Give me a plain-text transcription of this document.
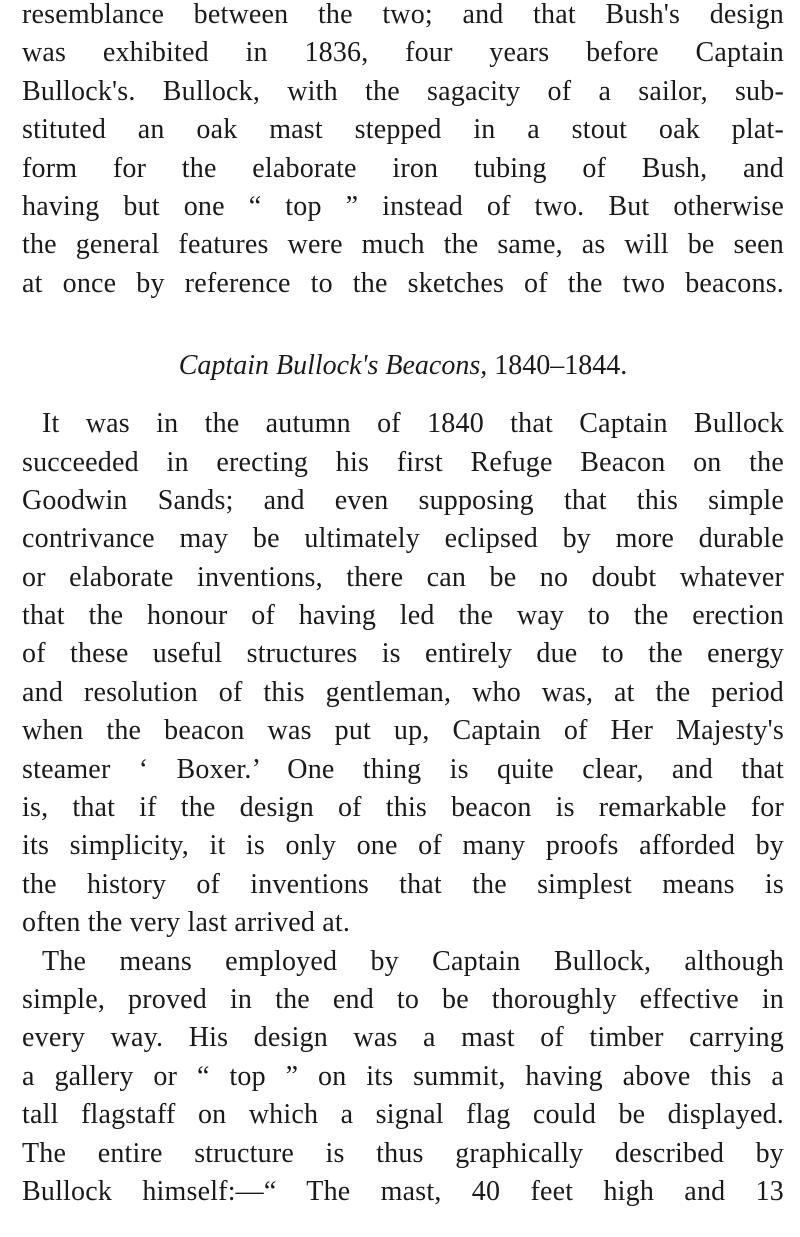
resemblance between the two; and that Bush's design
was exhibited in 1836, four years before Captain
Bullock's. Bullock, with the sagacity of a sailor, sub-
stituted an oak mast stepped in a stout oak plat-
form for the elaborate iron tubing of Bush, and
having but one “ top ” instead of two. But otherwise
the general features were much the same, as will be seen
at once by reference to the sketches of the two beacons.
Captain Bullock's Beacons, 1840–1844.
It was in the autumn of 1840 that Captain Bullock
succeeded in erecting his first Refuge Beacon on the
Goodwin Sands; and even supposing that this simple
contrivance may be ultimately eclipsed by more durable
or elaborate inventions, there can be no doubt whatever
that the honour of having led the way to the erection
of these useful structures is entirely due to the energy
and resolution of this gentleman, who was, at the period
when the beacon was put up, Captain of Her Majesty's
steamer ‘ Boxer.’ One thing is quite clear, and that
is, that if the design of this beacon is remarkable for
its simplicity, it is only one of many proofs afforded by
the history of inventions that the simplest means is
often the very last arrived at.
The means employed by Captain Bullock, although
simple, proved in the end to be thoroughly effective in
every way. His design was a mast of timber carrying
a gallery or “ top ” on its summit, having above this a
tall flagstaff on which a signal flag could be displayed.
The entire structure is thus graphically described by
Bullock himself:—“ The mast, 40 feet high and 13
